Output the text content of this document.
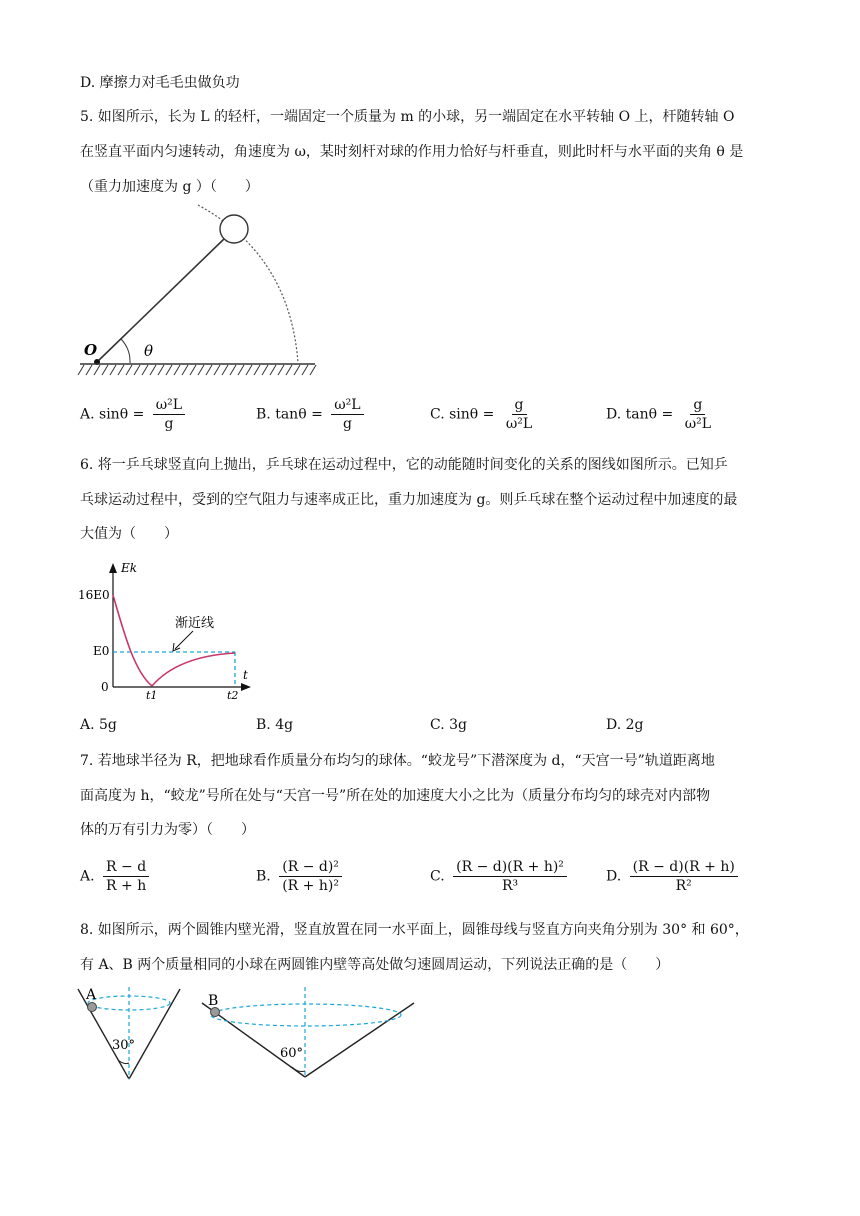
D. 摩擦力对毛毛虫做负功
5. 如图所示，长为 L 的轻杆，一端固定一个质量为 m 的小球，另一端固定在水平转轴 O 上，杆随转轴 O
在竖直平面内匀速转动，角速度为 ω，某时刻杆对球的作用力恰好与杆垂直，则此时杆与水平面的夹角 θ 是
（重力加速度为 g ）（　　）
O	θ
A. $\sin\theta = \frac{\text{ω²L}}{g}$	B. $\tan\theta = \frac{\text{ω²L}}{g}$	C. $\sin\theta = \frac{g}{\text{ω²L}}$	D. $\tan\theta = \frac{g}{\text{ω²L}}$
6. 将一乒乓球竖直向上抛出，乒乓球在运动过程中，它的动能随时间变化的关系的图线如图所示。已知乒
乓球运动过程中，受到的空气阻力与速率成正比，重力加速度为 g。则乒乓球在整个运动过程中加速度的最
大值为（　　）
渐近线
Ek
16E0
E0
0
t
t1	t2
A. 5g	B. 4g	C. 3g	D. 2g
7. 若地球半径为 R，把地球看作质量分布均匀的球体。“蛟龙号”下潜深度为 d，“天宫一号”轨道距离地
面高度为 h，“蛟龙”号所在处与“天宫一号”所在处的加速度大小之比为（质量分布均匀的球壳对内部物
体的万有引力为零）（　　）
A. $\frac{R - d}{R + h}$	B. $\frac{\text{(R − d)²}}{\text{(R + h)²}}$	C. $\frac{\text{(R − d)(R + h)²}}{\text{R³}}$	D. $\frac{(R - d)(R + h)}{\text{R²}}$
8. 如图所示，两个圆锥内壁光滑，竖直放置在同一水平面上，圆锥母线与竖直方向夹角分别为 30° 和 60°，
有 A、B 两个质量相同的小球在两圆锥内壁等高处做匀速圆周运动，下列说法正确的是（　　）
A
30°
B
60°
